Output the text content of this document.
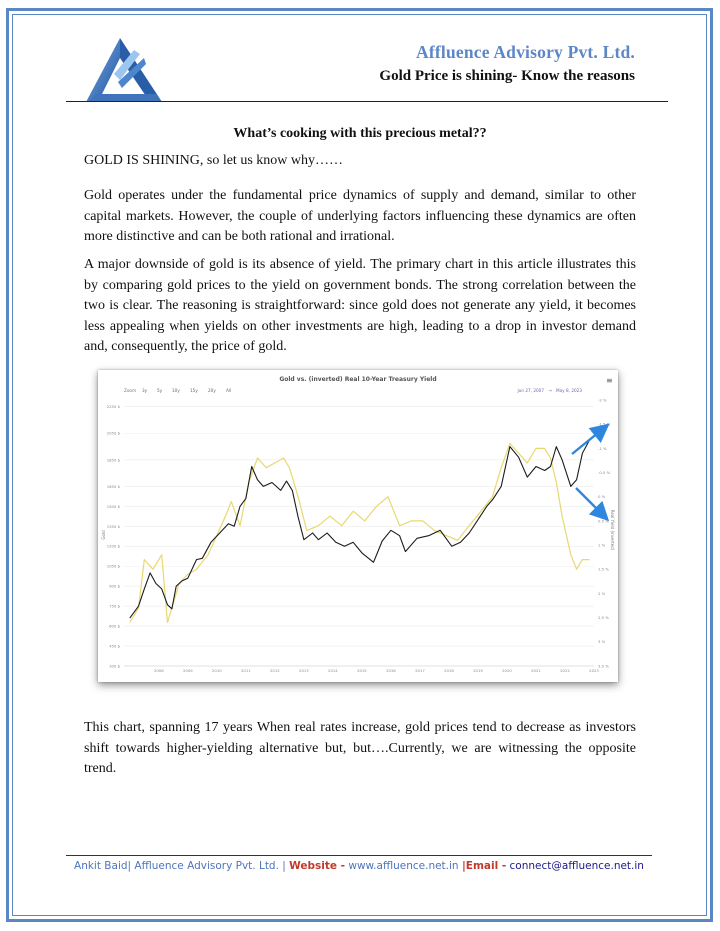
Affluence Advisory Pvt. Ltd.
Gold Price is shining- Know the reasons
What’s cooking with this precious metal??

GOLD IS SHINING, so let us know why……

Gold operates under the fundamental price dynamics of supply and demand, similar to other capital markets. However, the couple of underlying factors influencing these dynamics are often more distinctive and can be both rational and irrational.

A major downside of gold is its absence of yield. The primary chart in this article illustrates this by comparing gold prices to the yield on government bonds. The strong correlation between the two is clear. The reasoning is straightforward: since gold does not generate any yield, it becomes less appealing when yields on other investments are high, leading to a drop in investor demand and, consequently, the price of gold.

Gold vs. (inverted) Real 10-Year Treasury Yield
Zoom 3y 5y 10y 15y 20y All	Jun 27, 2007 → May 8, 2023
≡
2250 $
2050 $
1850 $
1650 $
1500 $
1350 $
1200 $
1050 $
900 $
750 $
600 $
450 $
300 $
-2 %
-1.5 %
-1 %
-0.5 %
0 %
0.5 %
1 %
1.5 %
2 %
2.5 %
3 %
3.5 %
2008	2009	2010	2011	2012	2013	2014	2015	2016	2017	2018	2019	2020	2021	2022	2023
Gold	Real Yield (inverted)

This chart, spanning 17 years When real rates increase, gold prices tend to decrease as investors shift towards higher-yielding alternative but, but….Currently, we are witnessing the opposite trend.

Ankit Baid| Affluence Advisory Pvt. Ltd. | Website - www.affluence.net.in |Email - connect@affluence.net.in
